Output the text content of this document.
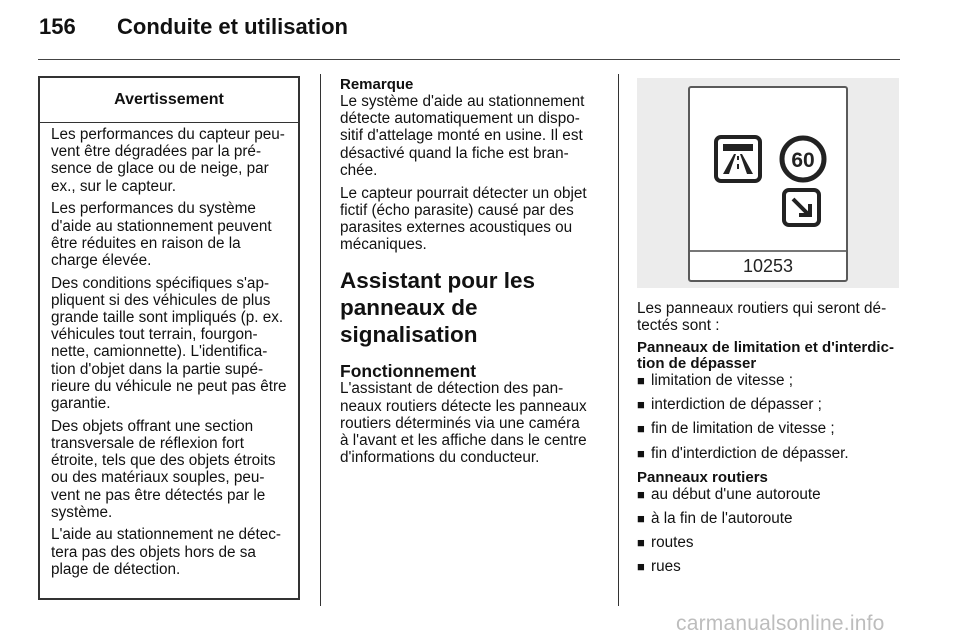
156	Conduite et utilisation
Avertissement

Les performances du capteur peu-
vent être dégradées par la pré-
sence de glace ou de neige, par
ex., sur le capteur.

Les performances du système
d'aide au stationnement peuvent
être réduites en raison de la
charge élevée.

Des conditions spécifiques s'ap-
pliquent si des véhicules de plus
grande taille sont impliqués (p. ex.
véhicules tout terrain, fourgon-
nette, camionnette). L'identifica-
tion d'objet dans la partie supé-
rieure du véhicule ne peut pas être
garantie.

Des objets offrant une section
transversale de réflexion fort
étroite, tels que des objets étroits
ou des matériaux souples, peu-
vent ne pas être détectés par le
système.

L'aide au stationnement ne détec-
tera pas des objets hors de sa
plage de détection.

Remarque

Le système d'aide au stationnement
détecte automatiquement un dispo-
sitif d'attelage monté en usine. Il est
désactivé quand la fiche est bran-
chée.

Le capteur pourrait détecter un objet
fictif (écho parasite) causé par des
parasites externes acoustiques ou
mécaniques.

Assistant pour les
panneaux de signalisation
Fonctionnement

L'assistant de détection des pan-
neaux routiers détecte les panneaux
routiers déterminés via une caméra
à l'avant et les affiche dans le centre
d'informations du conducteur.

60
10253

Les panneaux routiers qui seront dé-
tectés sont :

Panneaux de limitation et d'interdic-
tion de dépasser
■ limitation de vitesse ;
■ interdiction de dépasser ;
■ fin de limitation de vitesse ;
■ fin d'interdiction de dépasser.
Panneaux routiers
■ au début d'une autoroute
■ à la fin de l'autoroute
■ routes
■ rues
carmanualsonline.info
